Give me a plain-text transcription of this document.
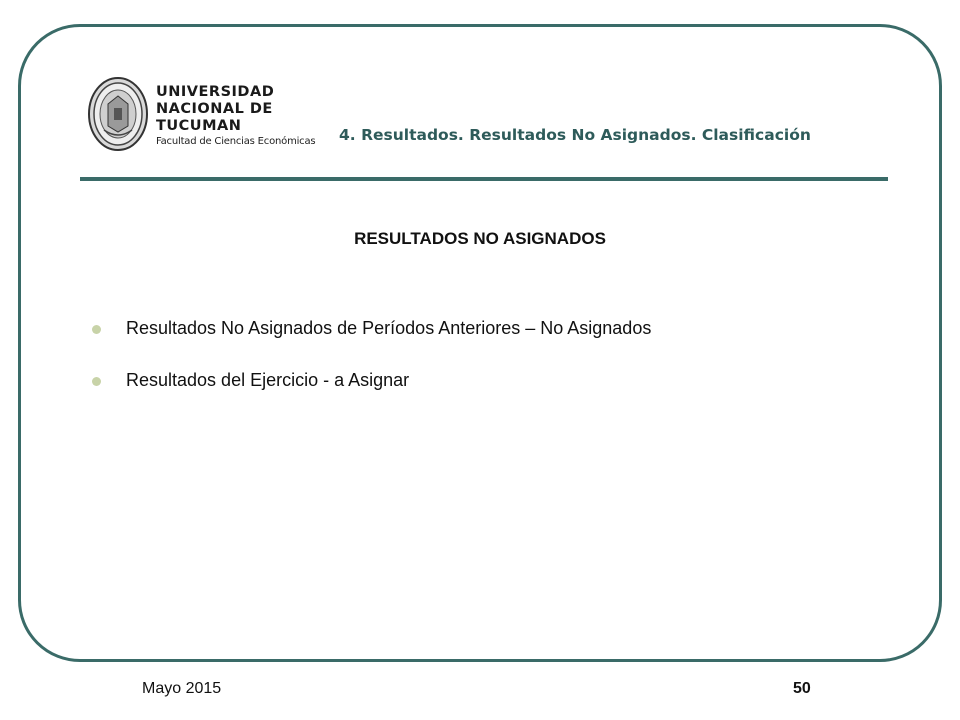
UNIVERSIDAD
NACIONAL DE
TUCUMAN
Facultad de Ciencias Económicas 4. Resultados. Resultados No Asignados. Clasificación
RESULTADOS NO ASIGNADOS
Resultados No Asignados de Períodos Anteriores – No Asignados
Resultados del Ejercicio - a Asignar
Mayo 2015	50
